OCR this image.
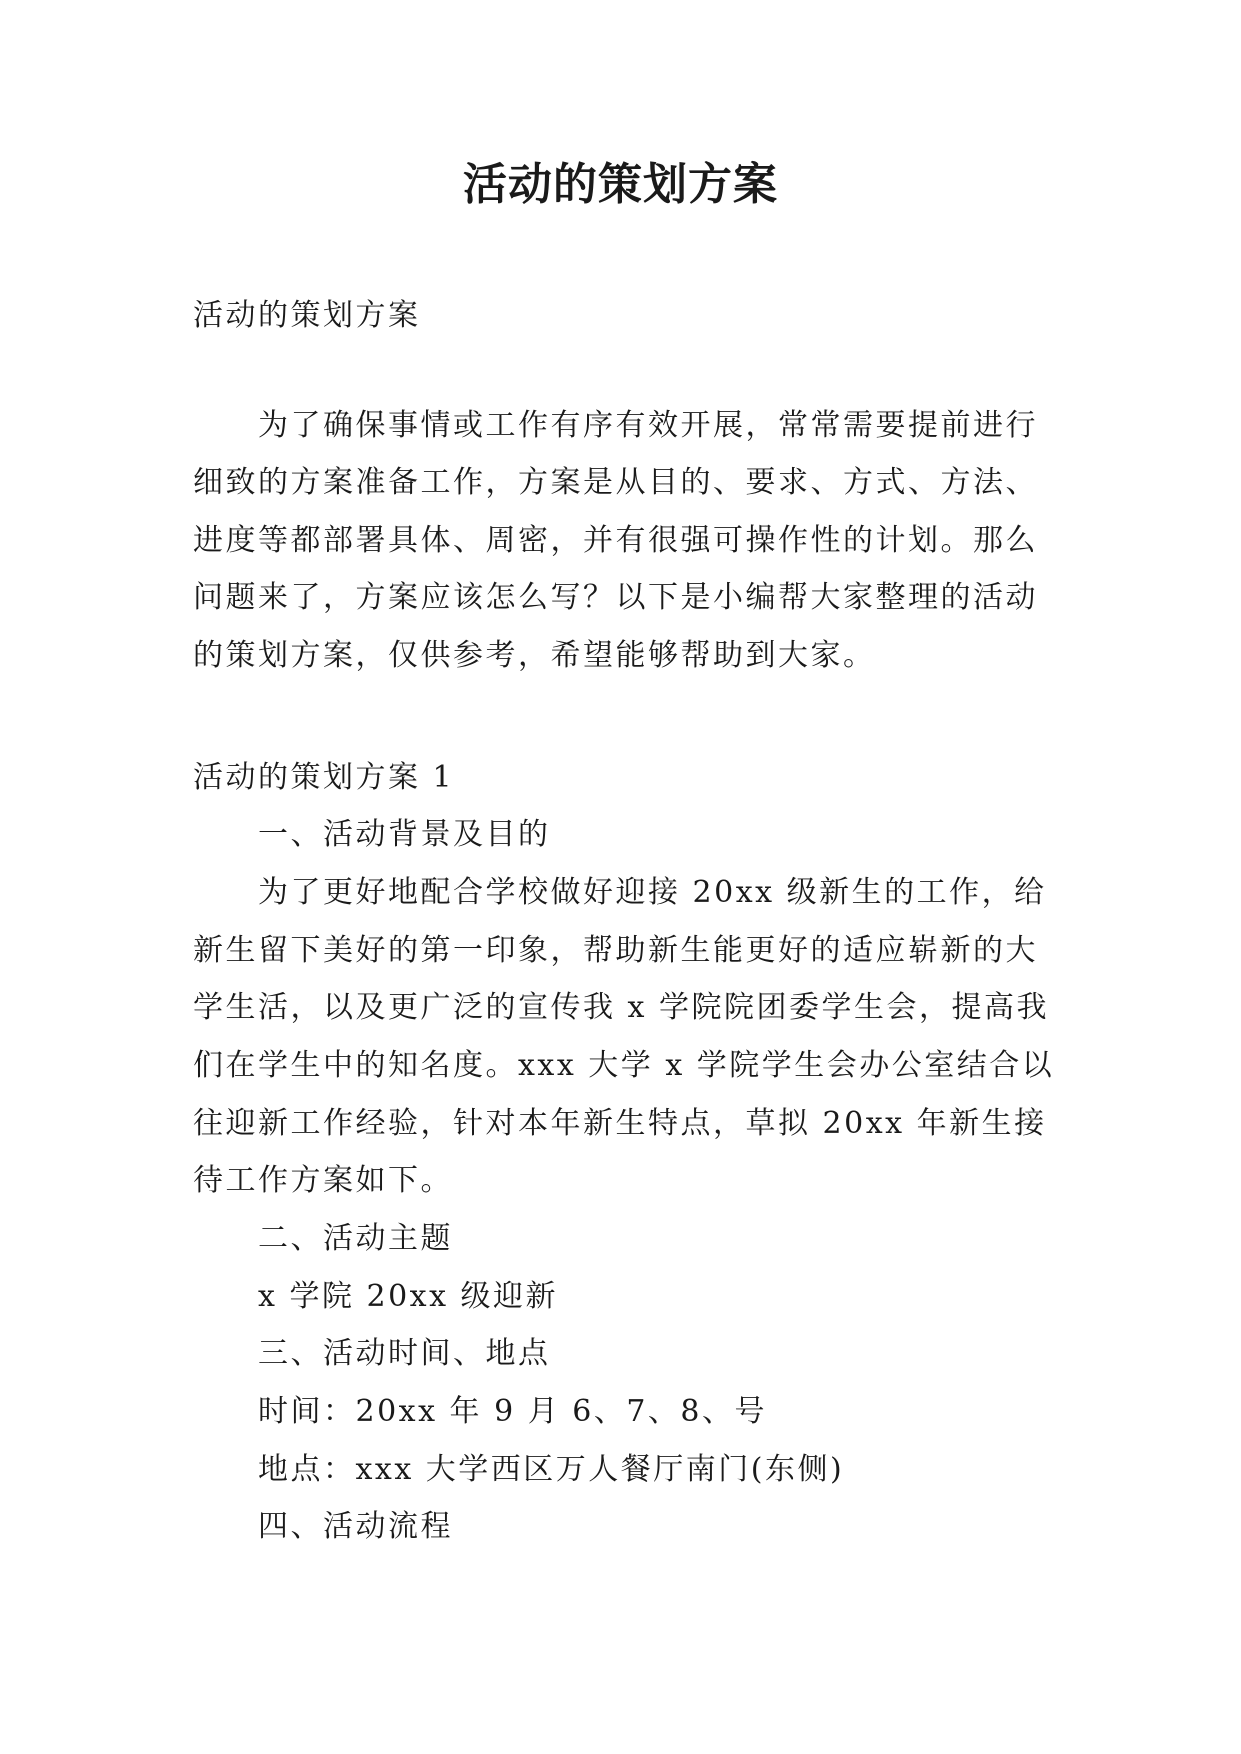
活动的策划方案

活动的策划方案

为了确保事情或工作有序有效开展，常常需要提前进行

细致的方案准备工作，方案是从目的、要求、方式、方法、

进度等都部署具体、周密，并有很强可操作性的计划。那么

问题来了，方案应该怎么写？以下是小编帮大家整理的活动

的策划方案，仅供参考，希望能够帮助到大家。

活动的策划方案 1

一、活动背景及目的

为了更好地配合学校做好迎接 20xx 级新生的工作，给

新生留下美好的第一印象，帮助新生能更好的适应崭新的大

学生活，以及更广泛的宣传我 x 学院院团委学生会，提高我

们在学生中的知名度。xxx 大学 x 学院学生会办公室结合以

往迎新工作经验，针对本年新生特点，草拟 20xx 年新生接

待工作方案如下。

二、活动主题

x 学院 20xx 级迎新

三、活动时间、地点

时间：20xx 年 9 月 6、7、8、号

地点：xxx 大学西区万人餐厅南门(东侧)

四、活动流程
